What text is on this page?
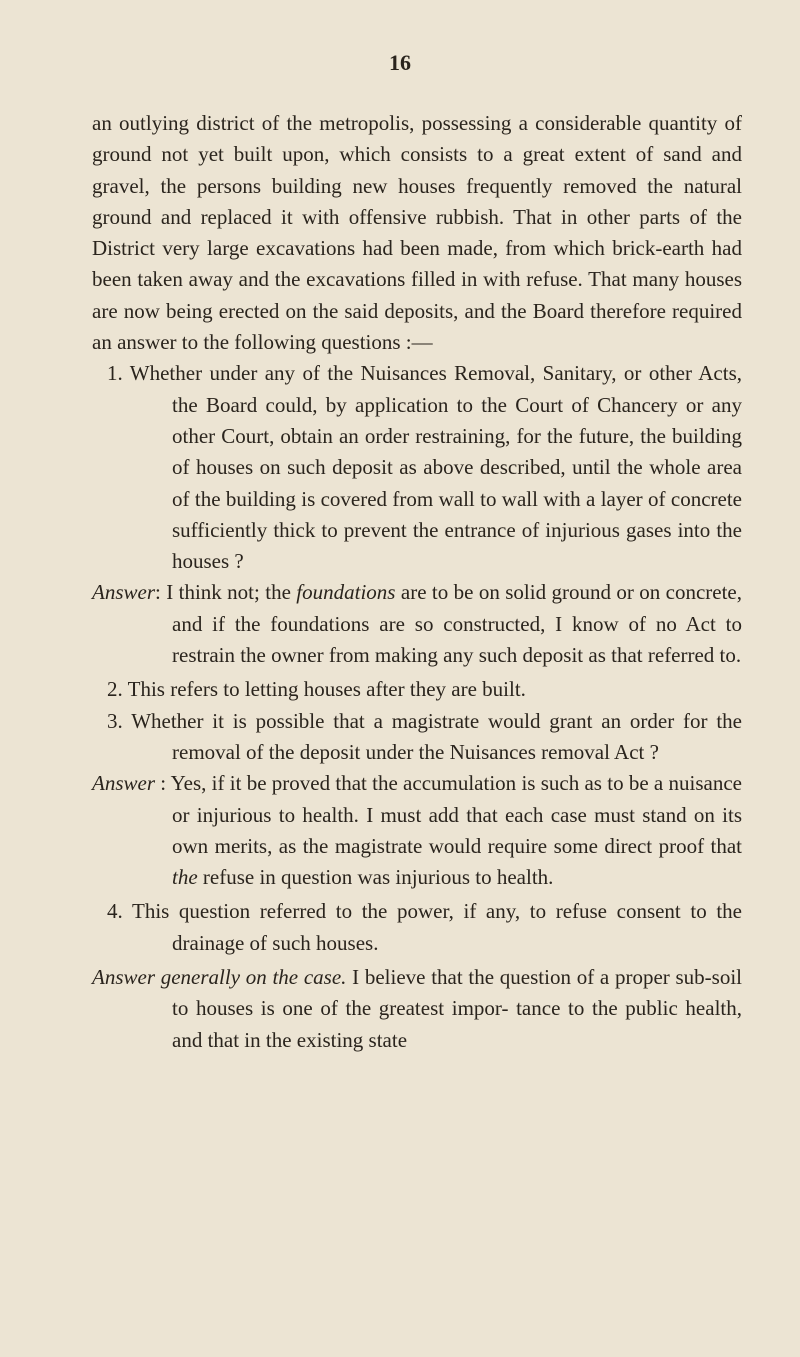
16

an outlying district of the metropolis, possessing a considerable quantity of ground not yet built upon, which consists to a great extent of sand and gravel, the persons building new houses frequently removed the natural ground and replaced it with offensive rubbish. That in other parts of the District very large excavations had been made, from which brick-earth had been taken away and the excavations filled in with refuse. That many houses are now being erected on the said deposits, and the Board therefore required an answer to the following questions :—

1. Whether under any of the Nuisances Removal, Sanitary, or other Acts, the Board could, by application to the Court of Chancery or any other Court, obtain an order restraining, for the future, the building of houses on such deposit as above described, until the whole area of the building is covered from wall to wall with a layer of concrete sufficiently thick to prevent the entrance of injurious gases into the houses ?

Answer: I think not; the foundations are to be on solid ground or on concrete, and if the foundations are so constructed, I know of no Act to restrain the owner from making any such deposit as that referred to.

2. This refers to letting houses after they are built.

3. Whether it is possible that a magistrate would grant an order for the removal of the deposit under the Nuisances removal Act ?

Answer : Yes, if it be proved that the accumulation is such as to be a nuisance or injurious to health. I must add that each case must stand on its own merits, as the magistrate would require some direct proof that the refuse in question was injurious to health.

4. This question referred to the power, if any, to refuse consent to the drainage of such houses.

Answer generally on the case. I believe that the question of a proper sub-soil to houses is one of the greatest impor- tance to the public health, and that in the existing state
